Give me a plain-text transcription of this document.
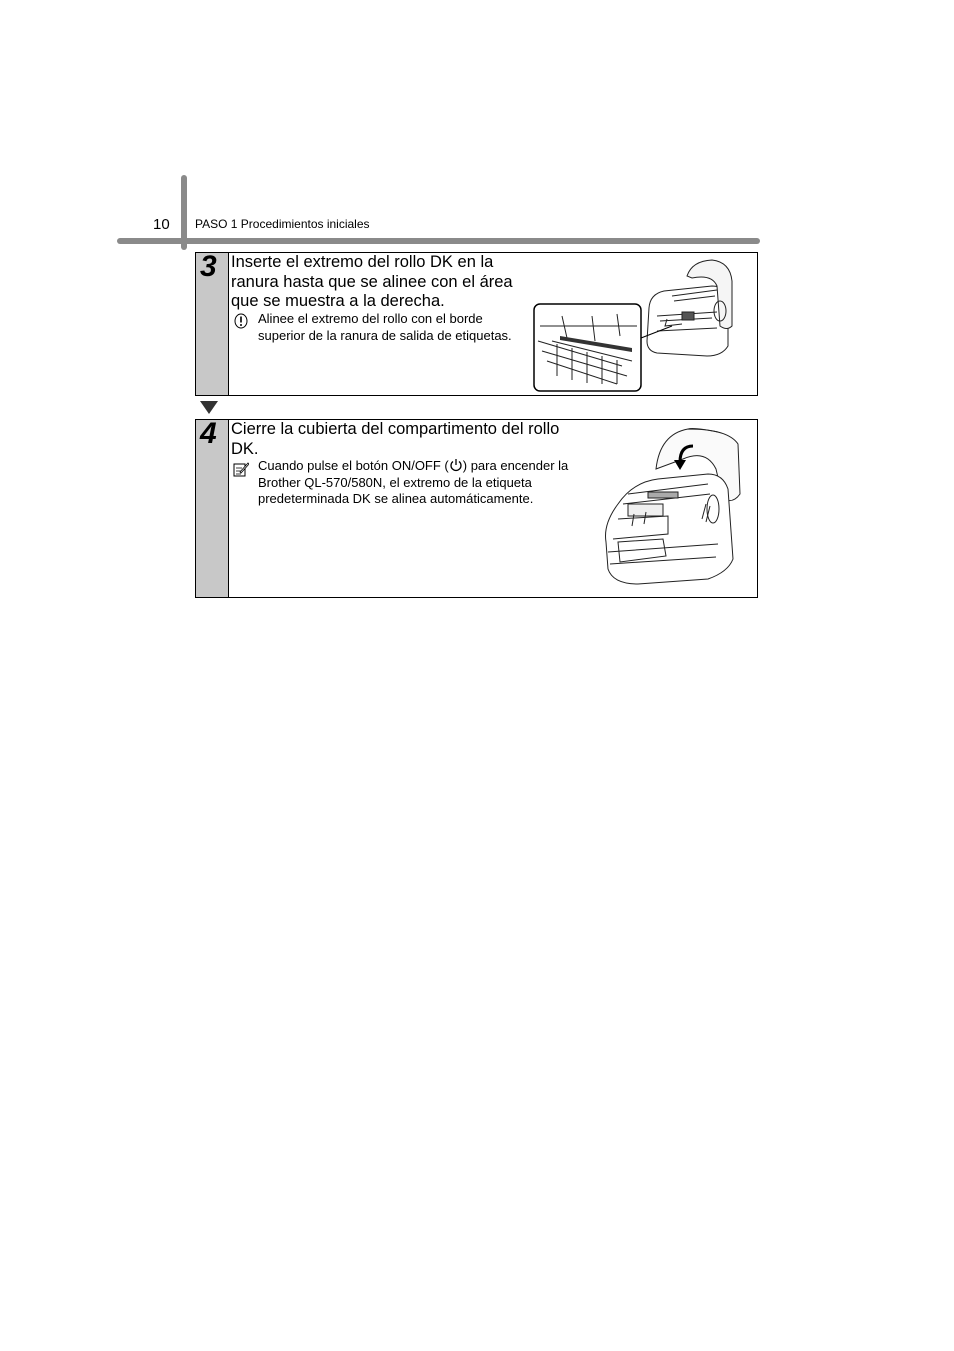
10 PASO 1 Procedimientos iniciales
3 Inserte el extremo del rollo DK en la ranura hasta que se alinee con el área que se muestra a la derecha.
Alinee el extremo del rollo con el borde superior de la ranura de salida de etiquetas.
4 Cierre la cubierta del compartimento del rollo DK.
Cuando pulse el botón ON/OFF ( ) para encender la Brother QL-570/580N, el extremo de la etiqueta predeterminada DK se alinea automáticamente.
